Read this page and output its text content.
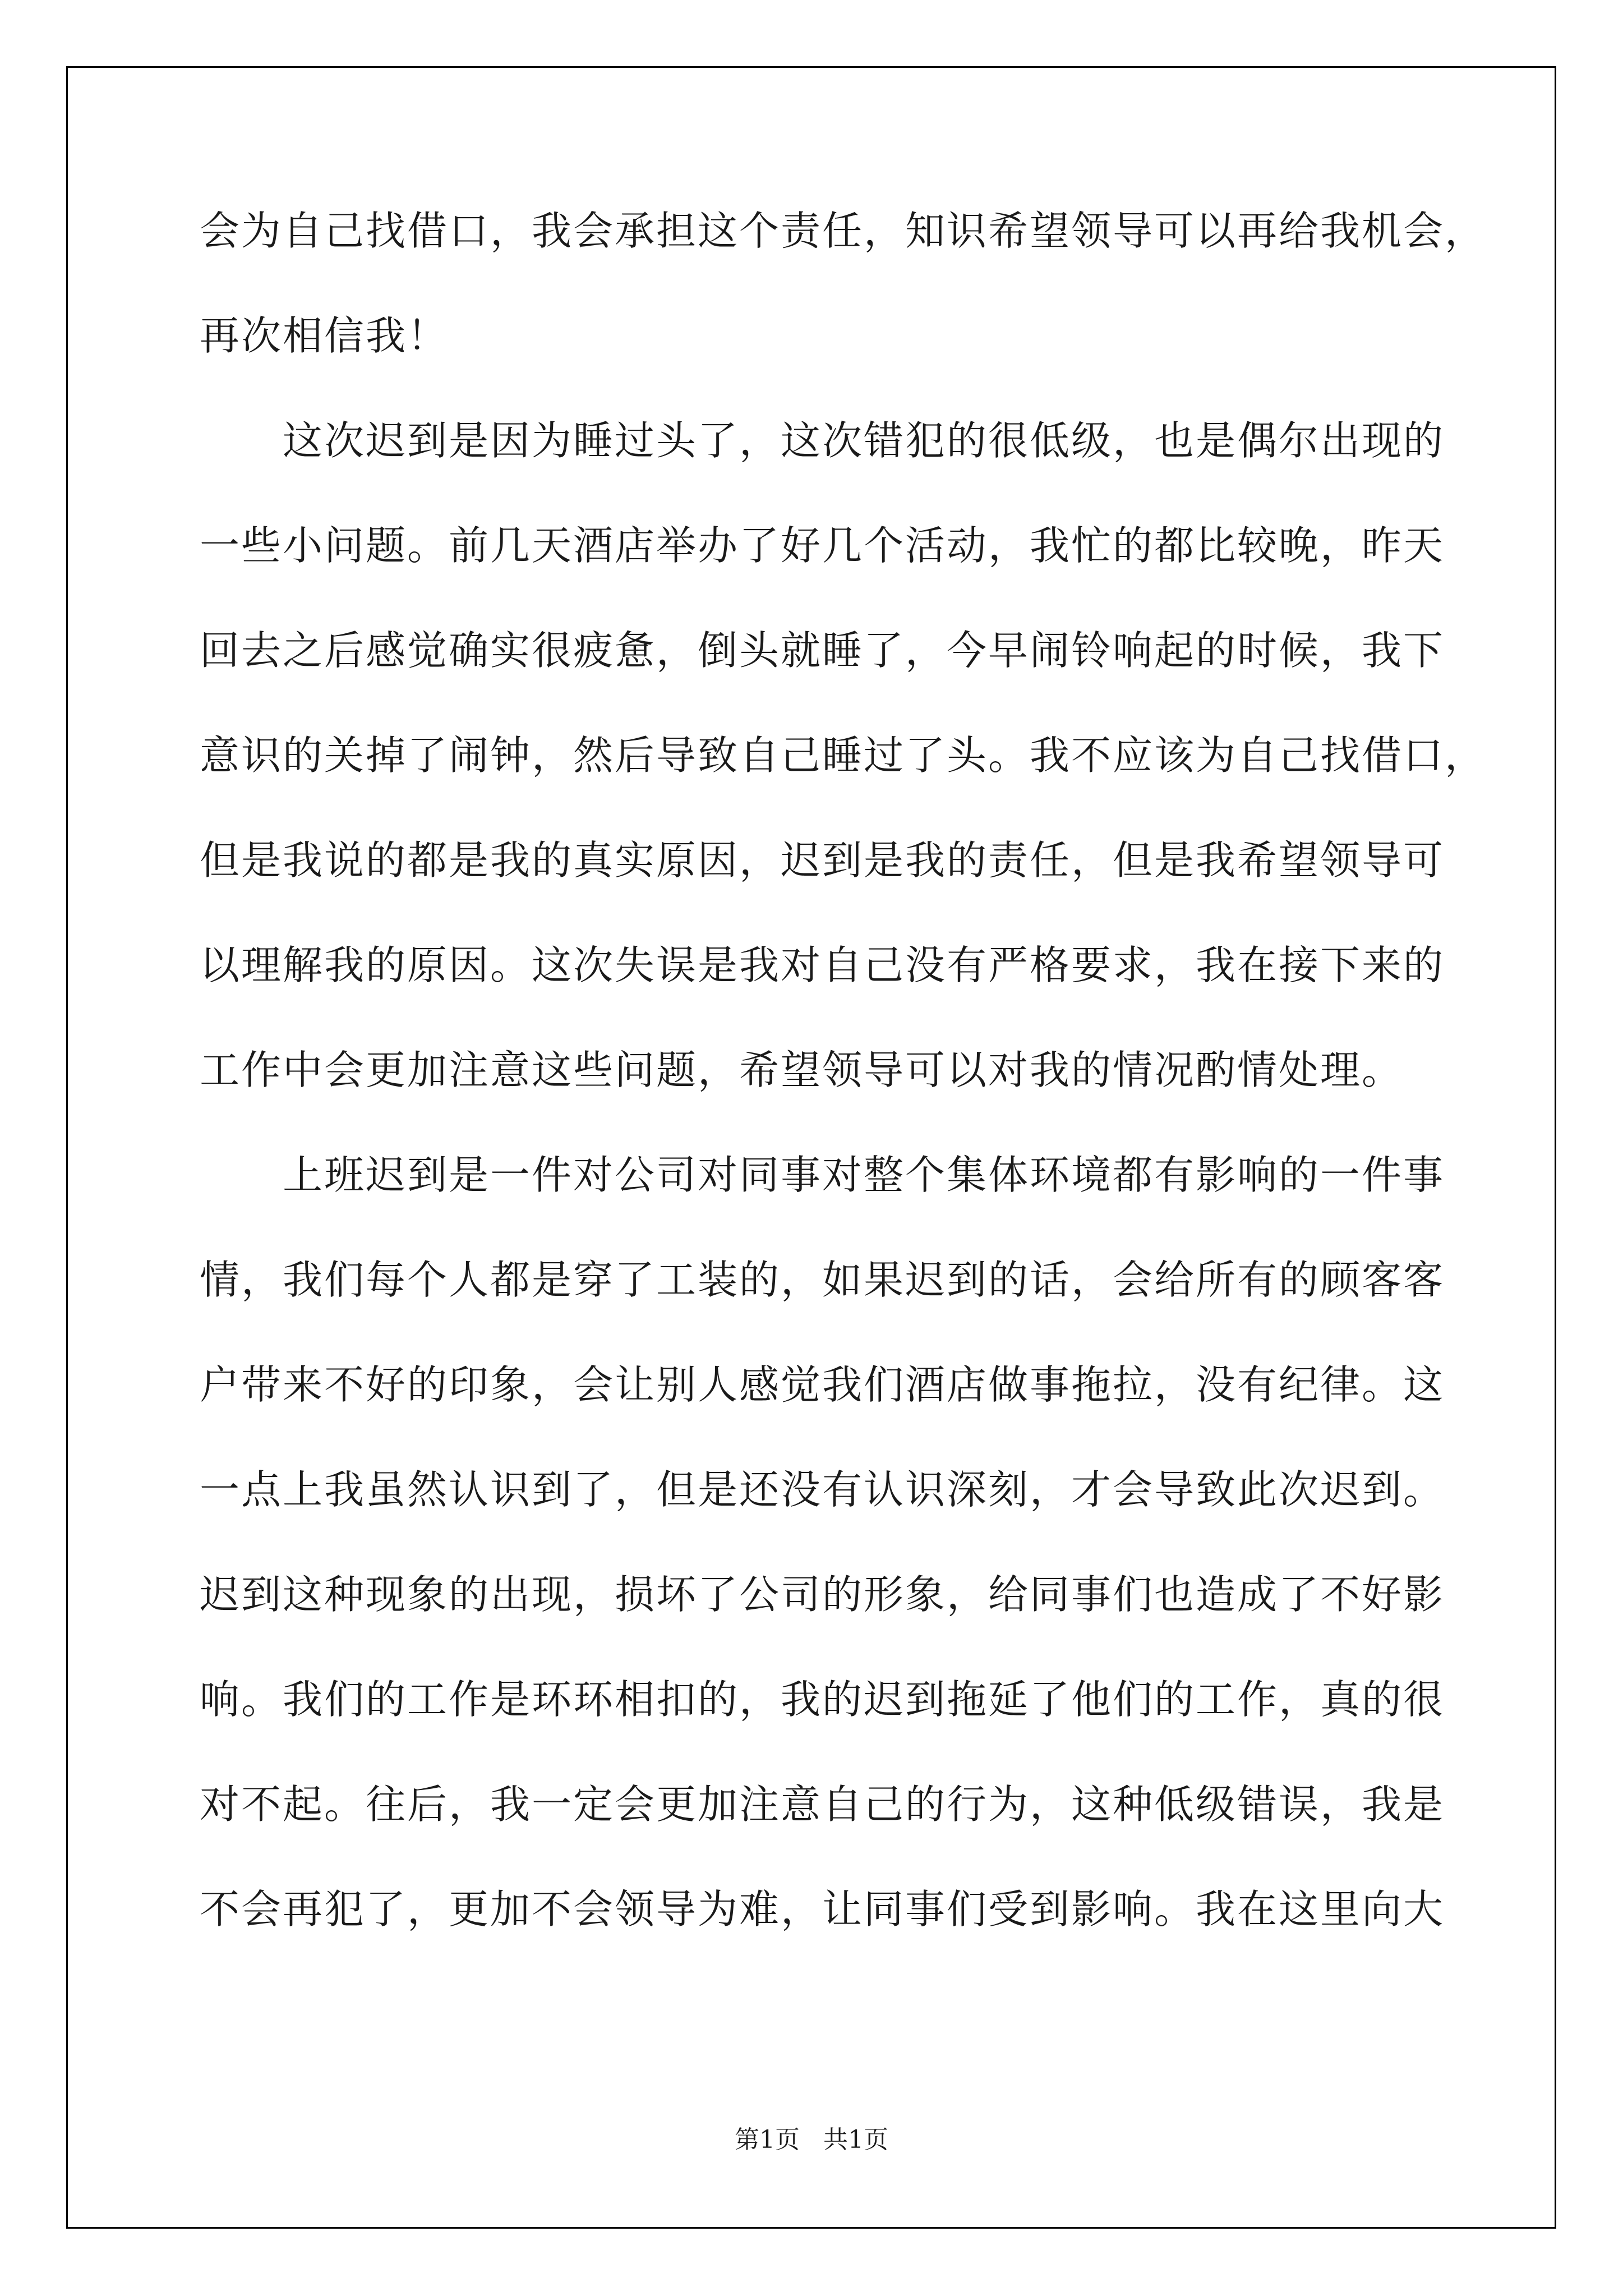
会为自己找借口，我会承担这个责任，知识希望领导可以再给我机会，
再次相信我！
　　这次迟到是因为睡过头了，这次错犯的很低级，也是偶尔出现的
一些小问题。前几天酒店举办了好几个活动，我忙的都比较晚，昨天
回去之后感觉确实很疲惫，倒头就睡了，今早闹铃响起的时候，我下
意识的关掉了闹钟，然后导致自己睡过了头。我不应该为自己找借口，
但是我说的都是我的真实原因，迟到是我的责任，但是我希望领导可
以理解我的原因。这次失误是我对自己没有严格要求，我在接下来的
工作中会更加注意这些问题，希望领导可以对我的情况酌情处理。
　　上班迟到是一件对公司对同事对整个集体环境都有影响的一件事
情，我们每个人都是穿了工装的，如果迟到的话，会给所有的顾客客
户带来不好的印象，会让别人感觉我们酒店做事拖拉，没有纪律。这
一点上我虽然认识到了，但是还没有认识深刻，才会导致此次迟到。
迟到这种现象的出现，损坏了公司的形象，给同事们也造成了不好影
响。我们的工作是环环相扣的，我的迟到拖延了他们的工作，真的很
对不起。往后，我一定会更加注意自己的行为，这种低级错误，我是
不会再犯了，更加不会领导为难，让同事们受到影响。我在这里向大
第1页 共1页
